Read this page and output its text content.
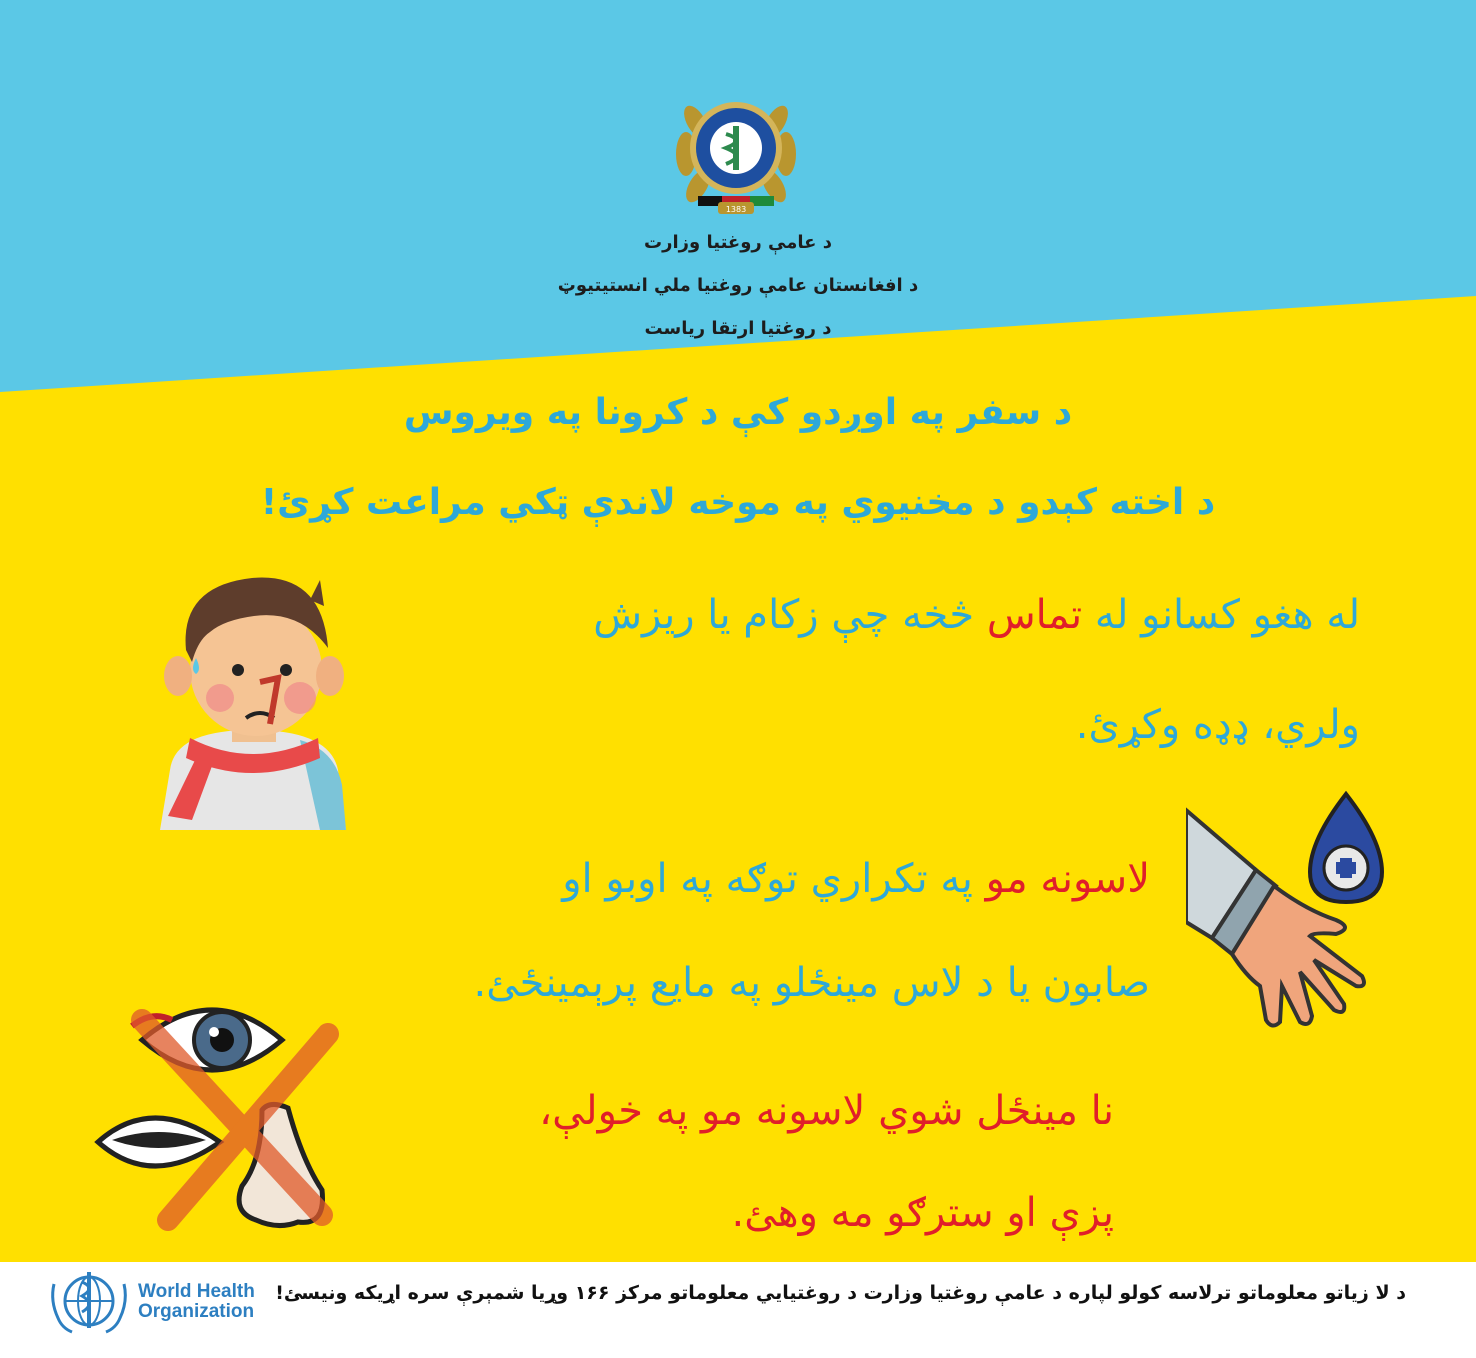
1383
د عامې روغتیا وزارت
د افغانستان عامې روغتیا ملي انستیتیوټ
د روغتیا ارتقا ریاست
د سفر په اوږدو کې د کرونا په ویروس
د اخته کېدو د مخنیوي په موخه لاندې ټکي مراعت کړئ!
له هغو کسانو له تماس څخه چې زکام یا ریزش
ولري، ډډه وکړئ.
لاسونه مو په تکراري توګه په اوبو او
صابون یا د لاس مینځلو په مایع پرېمینځئ.
نا مینځل شوي لاسونه مو په خولې،
پزې او سترګو مه وهئ.
World Health
Organization
د لا زیاتو معلوماتو ترلاسه کولو لپاره د عامې روغتیا وزارت د روغتیایي معلوماتو مرکز ۱۶۶ وړیا شمېرې سره اړیکه ونیسئ!
